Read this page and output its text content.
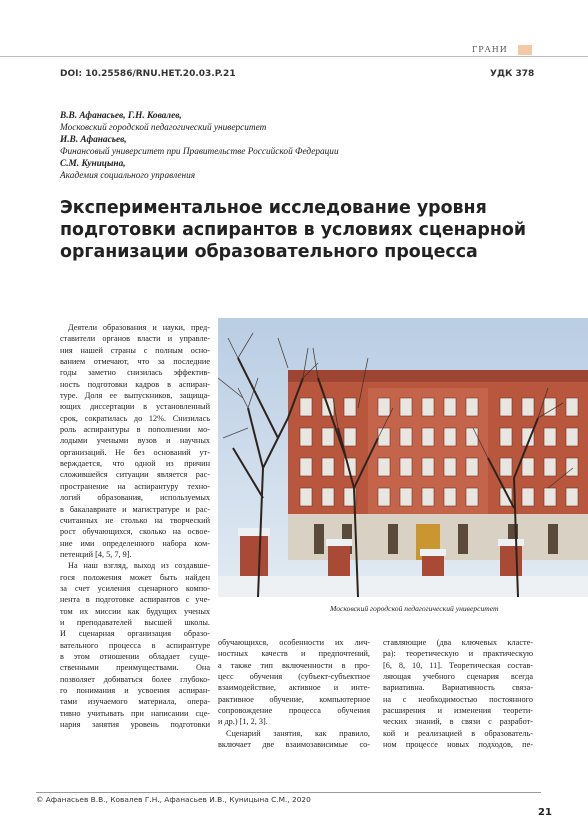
ГРАНИ
DOI: 10.25586/RNU.HET.20.03.P.21	УДК 378
В.В. Афанасьев, Г.Н. Ковалев,
Московский городской педагогический университет
И.В. Афанасьев,
Финансовый университет при Правительстве Российской Федерации
С.М. Куницына,
Академия социального управления
Экспериментальное исследование уровня
подготовки аспирантов в условиях сценарной
организации образовательного процесса
Деятели образования и науки, пред-
ставители органов власти и управле-
ния нашей страны с полным осно-
ванием отмечают, что за последние
годы заметно снизилась эффектив-
ность подготовки кадров в аспиран-
туре. Доля ее выпускников, защища-
ющих диссертации в установленный
срок, сократилась до 12%. Снизилась
роль аспирантуры в пополнении мо-
лодыми учеными вузов и научных
организаций. Не без оснований ут-
верждается, что одной из причин
сложившейся ситуации является рас-
пространение на аспирантуру техно-
логий образования, используемых
в бакалавриате и магистратуре и рас-
считанных не столько на творческий
рост обучающихся, сколько на освое-
ние ими определенного набора ком-
петенций [4, 5, 7, 9].
На наш взгляд, выход из создавше-
гося положения может быть найден
за счет усиления сценарного компо-
нента в подготовке аспирантов с уче-
том их миссии как будущих ученых
и преподавателей высшей школы.
И сценарная организация образо-
вательного процесса в аспирантуре
в этом отношении обладает суще-
ственными преимуществами. Она
позволяет добиваться более глубоко-
го понимания и усвоения аспиран-
тами изучаемого материала, опера-
тивно учитывать при написании сце-
нария занятия уровень подготовки
Московский городской педагогический университет
обучающихся, особенности их лич-
ностных качеств и предпочтений,
а также тип включенности в про-
цесс обучения (субъект-субъектное
взаимодействие, активное и инте-
рактивное обучение, компьютерное
сопровождение процесса обучения
и др.) [1, 2, 3].
Сценарий занятия, как правило,
включает две взаимозависимые со-
ставляющие (два ключевых класте-
ра): теоретическую и практическую
[6, 8, 10, 11]. Теоретическая состав-
ляющая учебного сценария всегда
вариативна. Вариативность связа-
на с необходимостью постоянного
расширения и изменения теорети-
ческих знаний, в связи с разработ-
кой и реализацией в образователь-
ном процессе новых подходов, пе-
© Афанасьев В.В., Ковалев Г.Н., Афанасьев И.В., Куницына С.М., 2020
21
